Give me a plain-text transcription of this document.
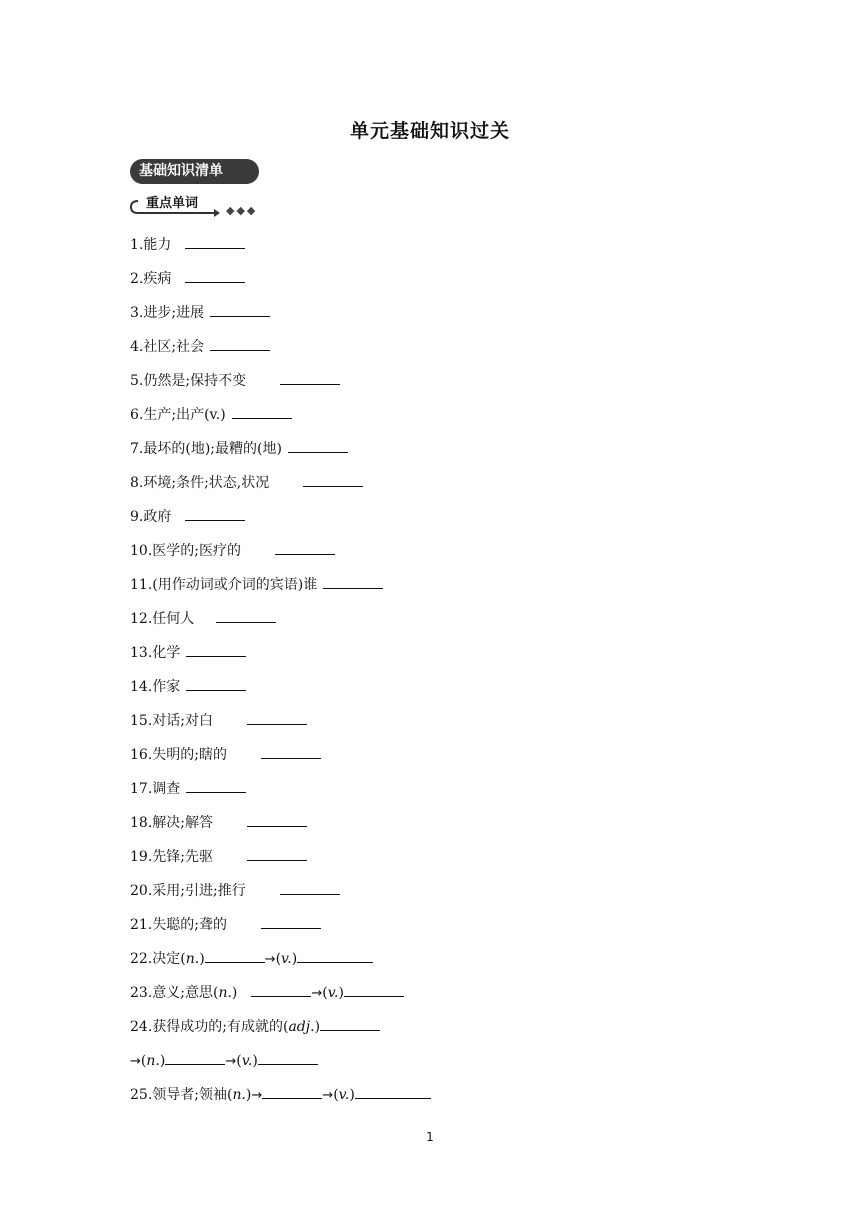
单元基础知识过关
基础知识清单
重点单词	◆◆◆
1.能力
2.疾病
3.进步;进展
4.社区;社会
5.仍然是;保持不变
6.生产;出产(v.)
7.最坏的(地);最糟的(地)
8.环境;条件;状态,状况
9.政府
10.医学的;医疗的
11.(用作动词或介词的宾语)谁
12.任何人
13.化学
14.作家
15.对话;对白
16.失明的;瞎的
17.调查
18.解决;解答
19.先锋;先驱
20.采用;引进;推行
21.失聪的;聋的
22.决定(n.)	→(v.)
23.意义;意思(n.)	→(v.)
24.获得成功的;有成就的(adj.)
→(n.)	→(v.)
25.领导者;领袖(n.)→	→(v.)
1
